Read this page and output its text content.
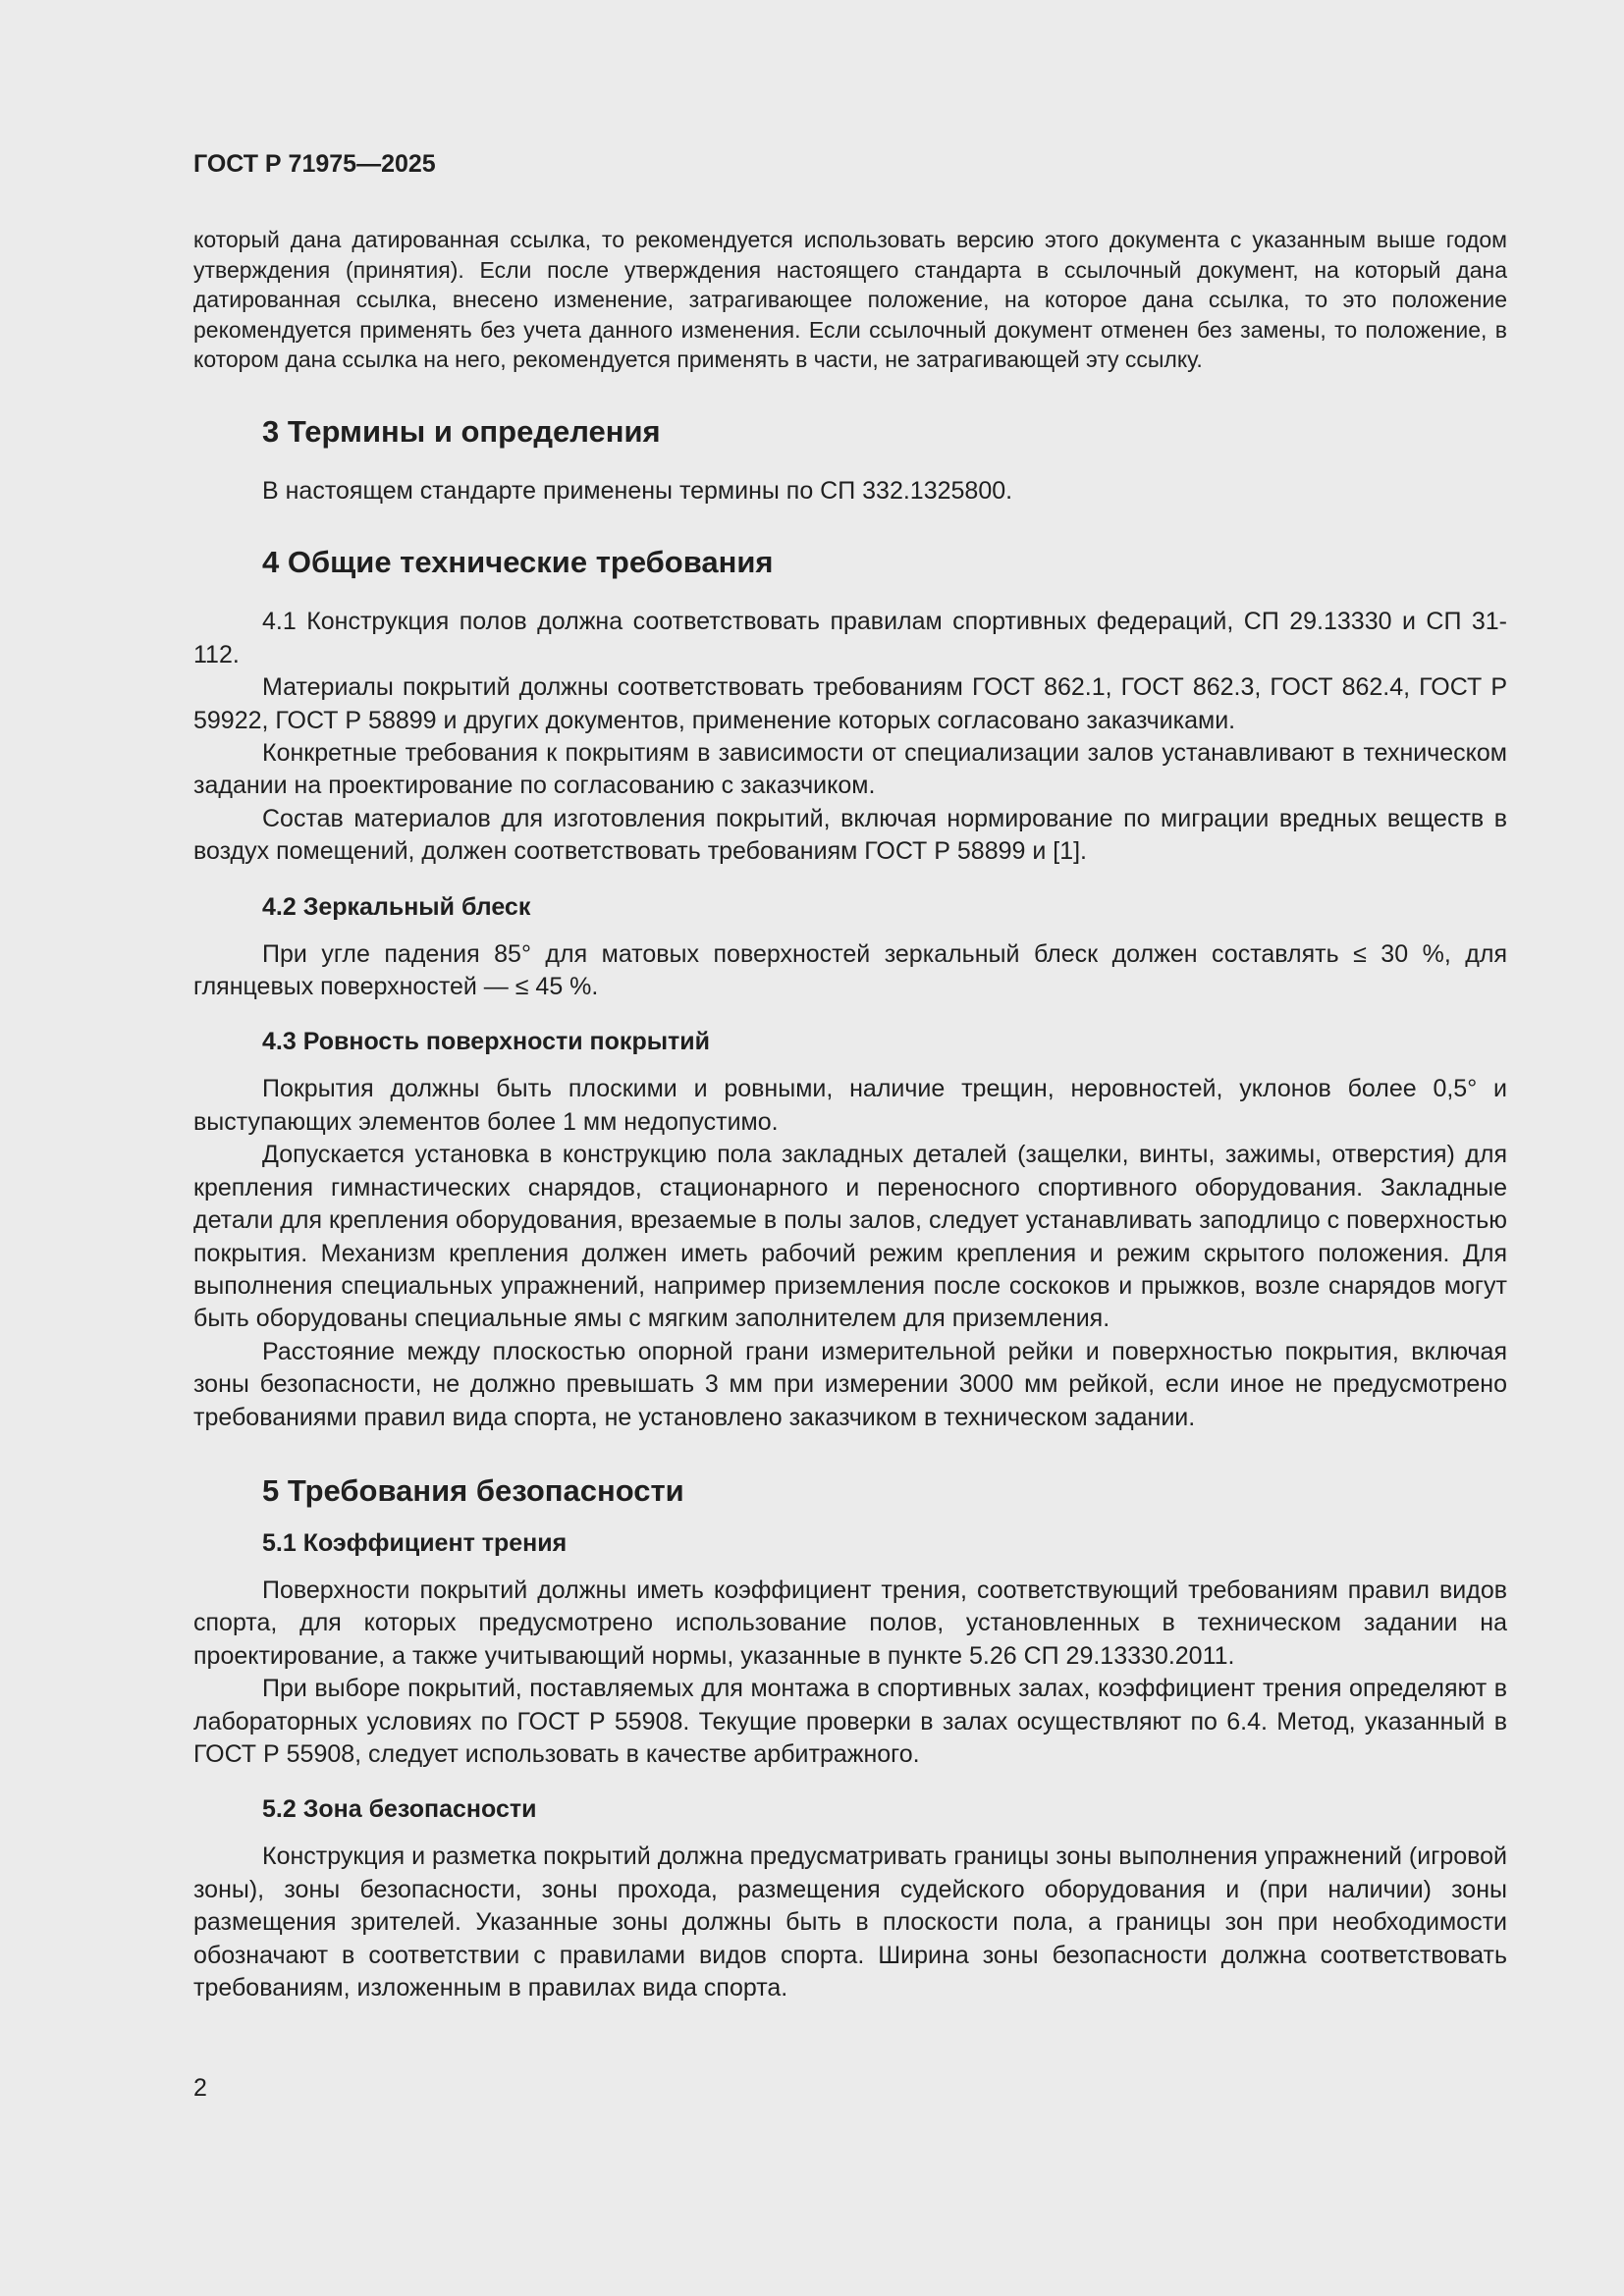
ГОСТ Р 71975—2025

который дана датированная ссылка, то рекомендуется использовать версию этого документа с указанным выше годом утверждения (принятия). Если после утверждения настоящего стандарта в ссылочный документ, на который дана датированная ссылка, внесено изменение, затрагивающее положение, на которое дана ссылка, то это положение рекомендуется применять без учета данного изменения. Если ссылочный документ отменен без замены, то положение, в котором дана ссылка на него, рекомендуется применять в части, не затрагивающей эту ссылку.

3 Термины и определения

В настоящем стандарте применены термины по СП 332.1325800.

4 Общие технические требования

4.1 Конструкция полов должна соответствовать правилам спортивных федераций, СП 29.13330 и СП 31-112.

Материалы покрытий должны соответствовать требованиям ГОСТ 862.1, ГОСТ 862.3, ГОСТ 862.4, ГОСТ Р 59922, ГОСТ Р 58899 и других документов, применение которых согласовано заказчиками.

Конкретные требования к покрытиям в зависимости от специализации залов устанавливают в техническом задании на проектирование по согласованию с заказчиком.

Состав материалов для изготовления покрытий, включая нормирование по миграции вредных веществ в воздух помещений, должен соответствовать требованиям ГОСТ Р 58899 и [1].

4.2 Зеркальный блеск

При угле падения 85° для матовых поверхностей зеркальный блеск должен составлять ≤ 30 %, для глянцевых поверхностей — ≤ 45 %.

4.3 Ровность поверхности покрытий

Покрытия должны быть плоскими и ровными, наличие трещин, неровностей, уклонов более 0,5° и выступающих элементов более 1 мм недопустимо.

Допускается установка в конструкцию пола закладных деталей (защелки, винты, зажимы, отверстия) для крепления гимнастических снарядов, стационарного и переносного спортивного оборудования. Закладные детали для крепления оборудования, врезаемые в полы залов, следует устанавливать заподлицо с поверхностью покрытия. Механизм крепления должен иметь рабочий режим крепления и режим скрытого положения. Для выполнения специальных упражнений, например приземления после соскоков и прыжков, возле снарядов могут быть оборудованы специальные ямы с мягким заполнителем для приземления.

Расстояние между плоскостью опорной грани измерительной рейки и поверхностью покрытия, включая зоны безопасности, не должно превышать 3 мм при измерении 3000 мм рейкой, если иное не предусмотрено требованиями правил вида спорта, не установлено заказчиком в техническом задании.

5 Требования безопасности
5.1 Коэффициент трения

Поверхности покрытий должны иметь коэффициент трения, соответствующий требованиям правил видов спорта, для которых предусмотрено использование полов, установленных в техническом задании на проектирование, а также учитывающий нормы, указанные в пункте 5.26 СП 29.13330.2011.

При выборе покрытий, поставляемых для монтажа в спортивных залах, коэффициент трения определяют в лабораторных условиях по ГОСТ Р 55908. Текущие проверки в залах осуществляют по 6.4. Метод, указанный в ГОСТ Р 55908, следует использовать в качестве арбитражного.

5.2 Зона безопасности

Конструкция и разметка покрытий должна предусматривать границы зоны выполнения упражнений (игровой зоны), зоны безопасности, зоны прохода, размещения судейского оборудования и (при наличии) зоны размещения зрителей. Указанные зоны должны быть в плоскости пола, а границы зон при необходимости обозначают в соответствии с правилами видов спорта. Ширина зоны безопасности должна соответствовать требованиям, изложенным в правилах вида спорта.

2
